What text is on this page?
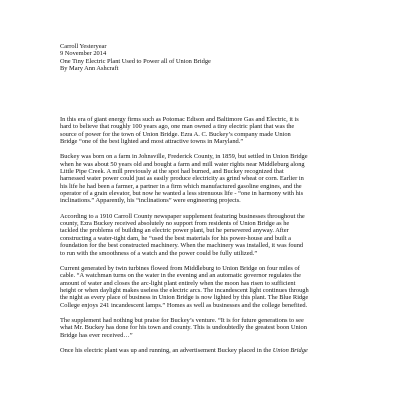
Carroll Yesteryear
9 November 2014
One Tiny Electric Plant Used to Power all of Union Bridge
By Mary Ann Ashcraft
In this era of giant energy firms such as Potomac Edison and Baltimore Gas and Electric, it is
hard to believe that roughly 100 years ago, one man owned a tiny electric plant that was the
source of power for the town of Union Bridge. Ezra A. C. Buckey’s company made Union
Bridge “one of the best lighted and most attractive towns in Maryland.”
Buckey was born on a farm in Johnsville, Frederick County, in 1859, but settled in Union Bridge
when he was about 50 years old and bought a farm and mill water rights near Middleburg along
Little Pipe Creek. A mill previously at the spot had burned, and Buckey recognized that
harnessed water power could just as easily produce electricity as grind wheat or corn. Earlier in
his life he had been a farmer, a partner in a firm which manufactured gasoline engines, and the
operator of a grain elevator, but now he wanted a less strenuous life - “one in harmony with his
inclinations.” Apparently, his “inclinations” were engineering projects.
According to a 1910 Carroll County newspaper supplement featuring businesses throughout the
county, Ezra Buckey received absolutely no support from residents of Union Bridge as he
tackled the problems of building an electric power plant, but he persevered anyway. After
constructing a water-tight dam, he “used the best materials for his power-house and built a
foundation for the best constructed machinery. When the machinery was installed, it was found
to run with the smoothness of a watch and the power could be fully utilized.”
Current generated by twin turbines flowed from Middleburg to Union Bridge on four miles of
cable. “A watchman turns on the water in the evening and an automatic governor regulates the
amount of water and closes the arc-light plant entirely when the moon has risen to sufficient
height or when daylight makes useless the electric arcs. The incandescent light continues through
the night as every place of business in Union Bridge is now lighted by this plant. The Blue Ridge
College enjoys 241 incandescent lamps.” Homes as well as businesses and the college benefited.
The supplement had nothing but praise for Buckey’s venture. “It is for future generations to see
what Mr. Buckey has done for his town and county. This is undoubtedly the greatest boon Union
Bridge has ever received…”
Once his electric plant was up and running, an advertisement Buckey placed in the Union Bridge
